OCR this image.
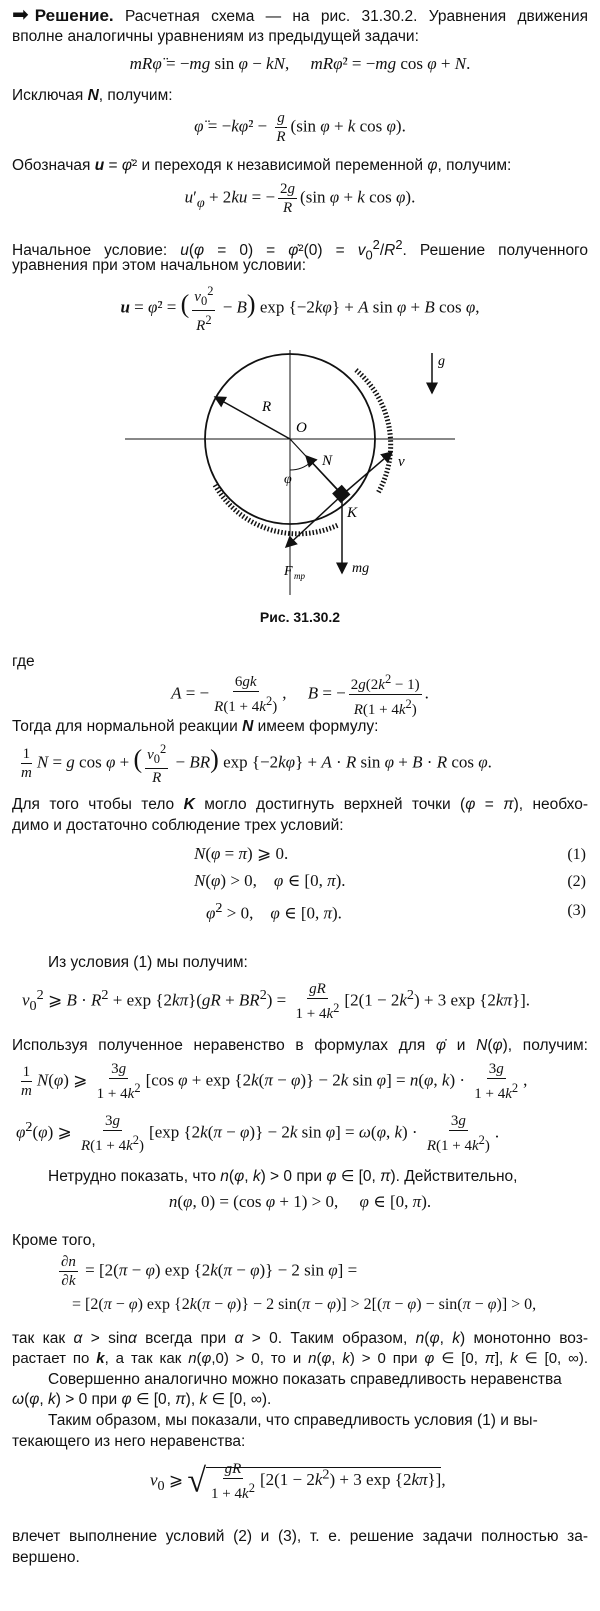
➡ Решение. Расчетная схема — на рис. 31.30.2. Уравнения движения
вполне аналогичны уравнениям из предыдущей задачи:
mRφ̈ = −mg sin φ − kN,     mRφ̇² = −mg cos φ + N.
Исключая N, получим:
φ̈ = −kφ̇² − $\frac{g}{R} (\sin$ φ + k cos φ).
Обозначая u = φ̇² и переходя к независимой переменной φ, получим:
$u'_\varphi + 2ku$ = − $\frac{2g}{R} (\sin$ φ + k cos φ).
Начальное условие: u(φ = 0) = φ̇²(0) = $v_0^2/R^2$. Решение полученного
уравнения при этом начальном условии:
u = φ̇² = ( $\frac{v_0^2}{R^2} - B$) exp {−2kφ} + A sin φ + B cos φ,
g
R
O
φ
N	v
K
mg
F тр
Рис. 31.30.2
где
A = − $\frac{6gk}{R(1 + 4k^2)}$ ,     B = − $\frac{2g(2k^2 - 1)}{R(1 + 4k^2)}$ .
Тогда для нормальной реакции N имеем формулу:
$\frac{1}{m}$ N = g cos φ + ( $\frac{v_0^2}{R} - BR$) exp {−2kφ} + A · R sin φ + B · R cos φ.
Для того чтобы тело K могло достигнуть верхней точки (φ = π), необхо-
димо и достаточно соблюдение трех условий:
N(φ = π) ⩾ 0.	(1)
N(φ) > 0,    φ ∈ [0, π).	(2)
φ̇$^2$ > 0,    φ ∈ [0, π).	(3)
Из условия (1) мы получим:
$v_0^2$ ⩾ $B \cdot R^2 + \exp \{2k\pi\}(gR + BR^2) = \frac{gR}{1 + 4k^2} [2(1 - 2k^2) + 3$ exp {2kπ}].
Используя полученное неравенство в формулах для φ̇ и N(φ), получим:
$\frac{1}{m} N(\varphi)$ ⩾ $\frac{3g}{1 + 4k^2} [\cos$ φ + exp {2k(π − φ)} − 2k sin φ] = n(φ, $k) \cdot \frac{3g}{1 + 4k^2}$ ,
φ̇$^2$(φ) ⩾ $\frac{3g}{R(1 + 4k^2)} [\exp$ {2k(π − φ)} − 2k sin φ] = ω(φ, $k) \cdot \frac{3g}{R(1 + 4k^2)}$ .
Нетрудно показать, что n(φ, k) > 0 при φ ∈ [0, π). Действительно,
n(φ, 0) = (cos φ + 1) > 0,     φ ∈ [0, π).
Кроме того,
$\frac{\partial n}{\partial k} = [2(\pi - \varphi)$ exp {2k(π − φ)} − 2 sin φ] =
= [2(π − φ) exp {2k(π − φ)} − 2 sin(π − φ)] > 2[(π − φ) − sin(π − φ)] > 0,
так как α > sinα всегда при α > 0. Таким образом, n(φ, k) монотонно воз-
растает по k, а так как n(φ,0) > 0, то и n(φ, k) > 0 при φ ∈ [0, π], k ∈ [0, ∞).
Совершенно аналогично можно показать справедливость неравенства
ω(φ, k) > 0 при φ ∈ [0, π), k ∈ [0, ∞).
Таким образом, мы показали, что справедливость условия (1) и вы-
текающего из него неравенства:
$v_0$ ⩾ √ $\frac{gR}{1 + 4k^2} [2(1 - 2k^2) + 3$ exp {2kπ}],
влечет выполнение условий (2) и (3), т. е. решение задачи полностью за-
вершено.
